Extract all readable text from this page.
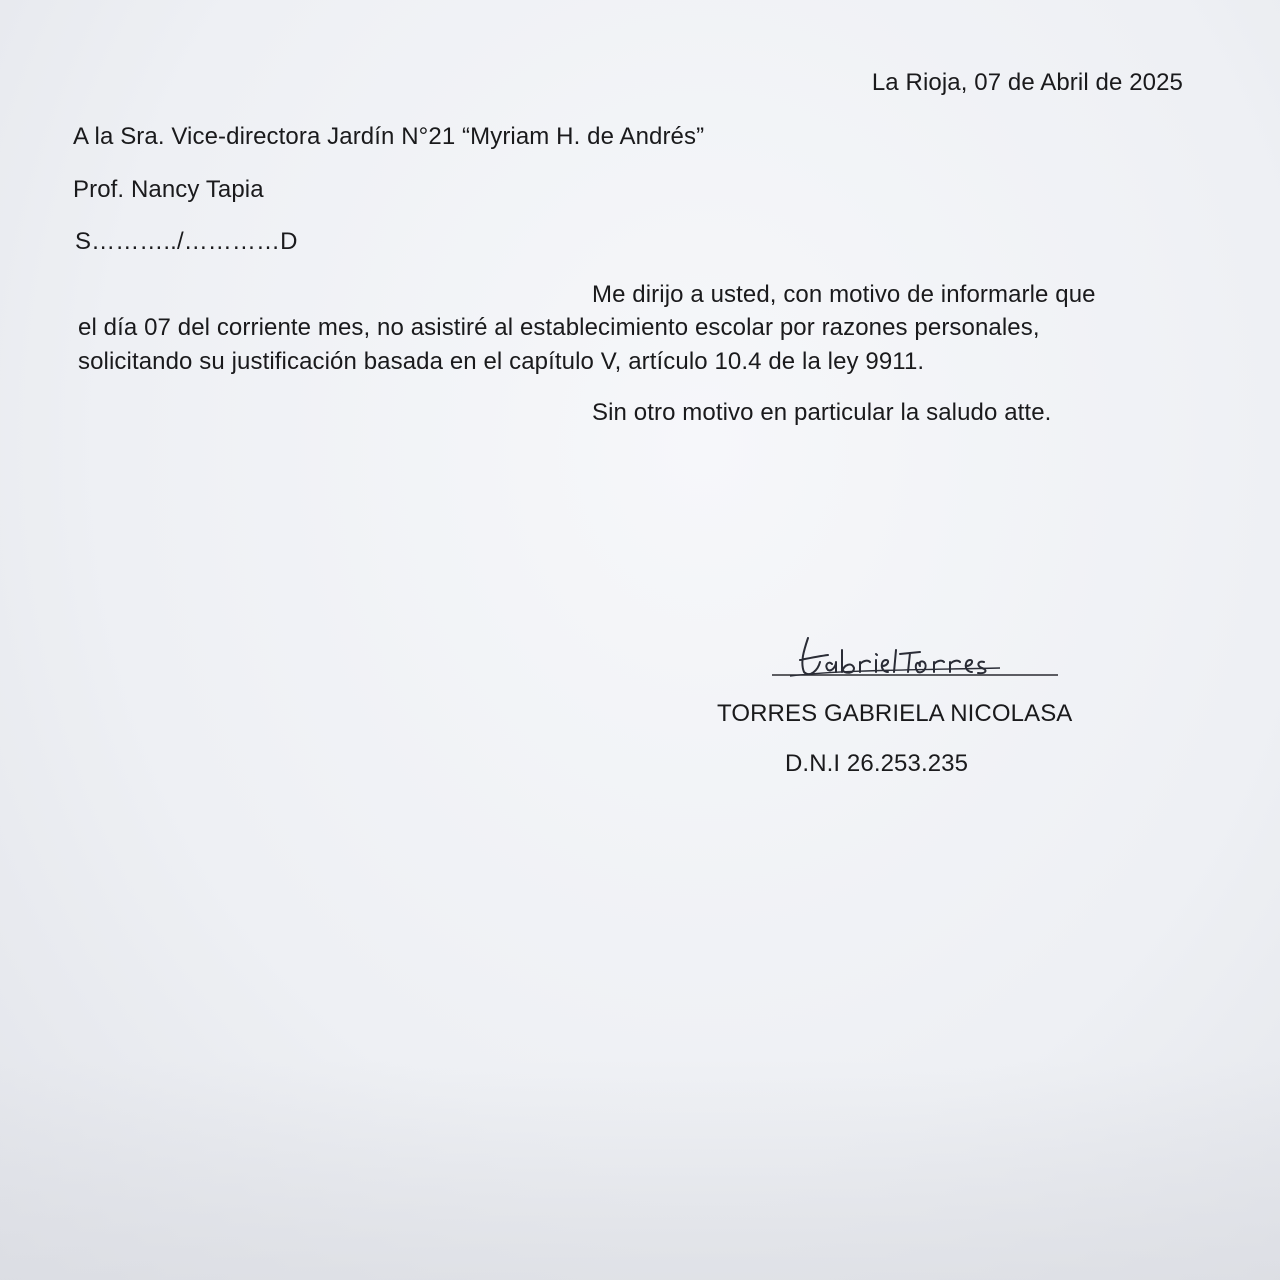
La Rioja, 07 de Abril de 2025
A la Sra. Vice-directora Jardín N°21 “Myriam H. de Andrés”
Prof. Nancy Tapia
S………../…………D
Me dirijo a usted, con motivo de informarle que
el día 07 del corriente mes, no asistiré al establecimiento escolar por razones personales,
solicitando su justificación basada en el capítulo V, artículo 10.4 de la ley 9911.
Sin otro motivo en particular la saludo atte.
TORRES GABRIELA NICOLASA
D.N.I 26.253.235
